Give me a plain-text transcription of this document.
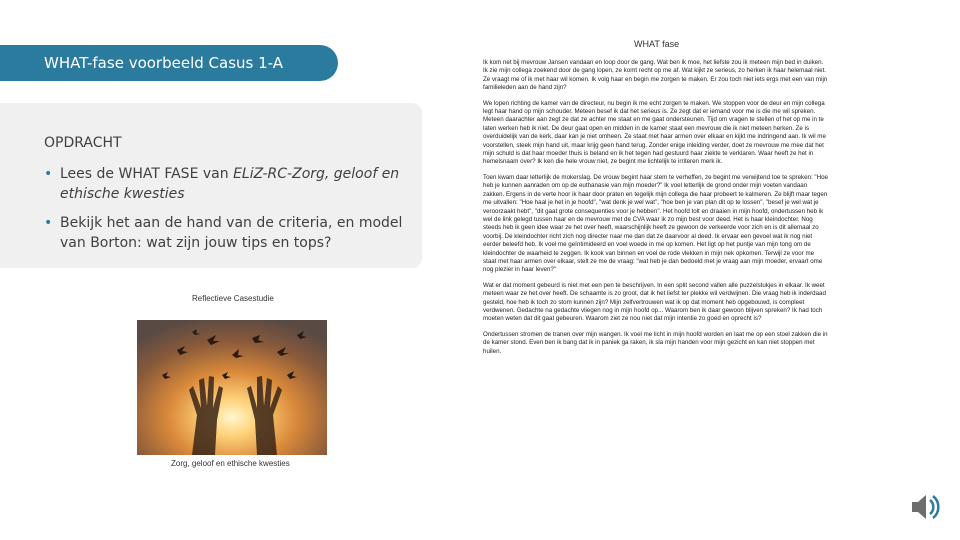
WHAT-fase voorbeeld Casus 1-A
OPDRACHT
• Lees de WHAT FASE van ELiZ-RC-Zorg, geloof en ethische kwesties
• Bekijk het aan de hand van de criteria, en model van Borton: wat zijn jouw tips en tops?
Reflectieve Casestudie
Zorg, geloof en ethische kwesties
WHAT fase

Ik kom net bij mevrouw Jansen vandaan en loop door de gang. Wat ben ik moe, het liefste zou ik meteen mijn bed in duiken. Ik zie mijn collega zoekend door de gang lopen, ze komt recht op me af. Wat kijkt ze serieus, zo herken ik haar helemaal niet. Ze vraagt me of ik met haar wil komen. Ik volg haar en begin me zorgen te maken. Er zou toch niet iets ergs met een van mijn familieleden aan de hand zijn?

We lopen richting de kamer van de directeur, nu begin ik me echt zorgen te maken. We stoppen voor de deur en mijn collega legt haar hand op mijn schouder. Meteen besef ik dat het serieus is. Ze zegt dat er iemand voor me is die me wil spreken. Meteen daarachter aan zegt ze dat ze achter me staat en me gaat ondersteunen. Tijd om vragen te stellen of het op me in te laten werken heb ik niet. De deur gaat open en midden in de kamer staat een mevrouw die ik niet meteen herken. Ze is overduidelijk van de kerk, daar kan je niet omheen. Ze staat met haar armen over elkaar en kijkt me indringend aan. Ik wil me voorstellen, steek mijn hand uit, maar krijg geen hand terug. Zonder enige inleiding verder, doet ze mevrouw me mee dat het mijn schuld is dat haar moeder thuis is beland en ik het tegen had gestuurd haar ziekte te verklaren. Waar heeft ze het in hemelsnaam over? Ik ken die hele vrouw niet, ze begint me lichtelijk te irriteren merk ik.

Toen kwam daar letterlijk de mokerslag. De vrouw begint haar stem te verheffen, ze begint me verwijtend toe te spreken: "Hoe heb je kunnen aanraden om op de euthanasie van mijn moeder?" Ik voel letterlijk de grond onder mijn voeten vandaan zakken. Ergens in de verte hoor ik haar door praten en tegelijk mijn collega die haar probeert te kalmeren. Ze blijft maar tegen me uitvallen: "Hoe haal je het in je hoofd", "wat denk je wel wat", "hoe ben je van plan dit op te lossen", "besef je wel wat je veroorzaakt hebt", "dit gaat grote consequenties voor je hebben". Het hoofd tolt en draaien in mijn hoofd, ondertussen heb ik wel de link gelegd tussen haar en de mevrouw met de CVA waar ik zo mijn best voor deed. Het is haar kleindochter. Nog steeds heb ik geen idee waar ze het over heeft, waarschijnlijk heeft ze gewoon de verkeerde voor zich en is dit allemaal zo voorbij. De kleindochter richt zich nog directer naar me dan dat ze daarvoor al deed. Ik ervaar een gevoel wat ik nog niet eerder beleefd heb. Ik voel me geïntimideerd en voel woede in me op komen. Het ligt op het puntje van mijn tong om de kleindochter de waarheid te zeggen. Ik kook van binnen en voel de rode vlekken in mijn nek opkomen. Terwijl ze voor me staat met haar armen over elkaar, stelt ze me de vraag: "wat heb je dan bedoeld met je vraag aan mijn moeder, ervaart ome nog plezier in haar leven?"

Wat er dat moment gebeurd is niet met een pen te beschrijven. In een split second vallen alle puzzelstukjes in elkaar. Ik weet meteen waar ze het over heeft. De schaamte is zo groot, dat ik het liefst ter plekke wil verdwijnen. Die vraag heb ik inderdaad gesteld, hoe heb ik toch zo stom kunnen zijn? Mijn zelfvertrouwen wat ik op dat moment heb opgebouwd, is compleet verdwenen. Gedachte na gedachte vliegen nog in mijn hoofd op... Waarom ben ik daar gewoon blijven spreken? Ik had toch moeten weten dat dit gaat gebeuren. Waarom ziet ze nou niet dat mijn intentie zo goed en oprecht is?

Ondertussen stromen de tranen over mijn wangen. Ik voel me licht in mijn hoofd worden en laat me op een stoel zakken die in de kamer stond. Even ben ik bang dat ik in paniek ga raken, ik sla mijn handen voor mijn gezicht en kan niet stoppen met huilen.
